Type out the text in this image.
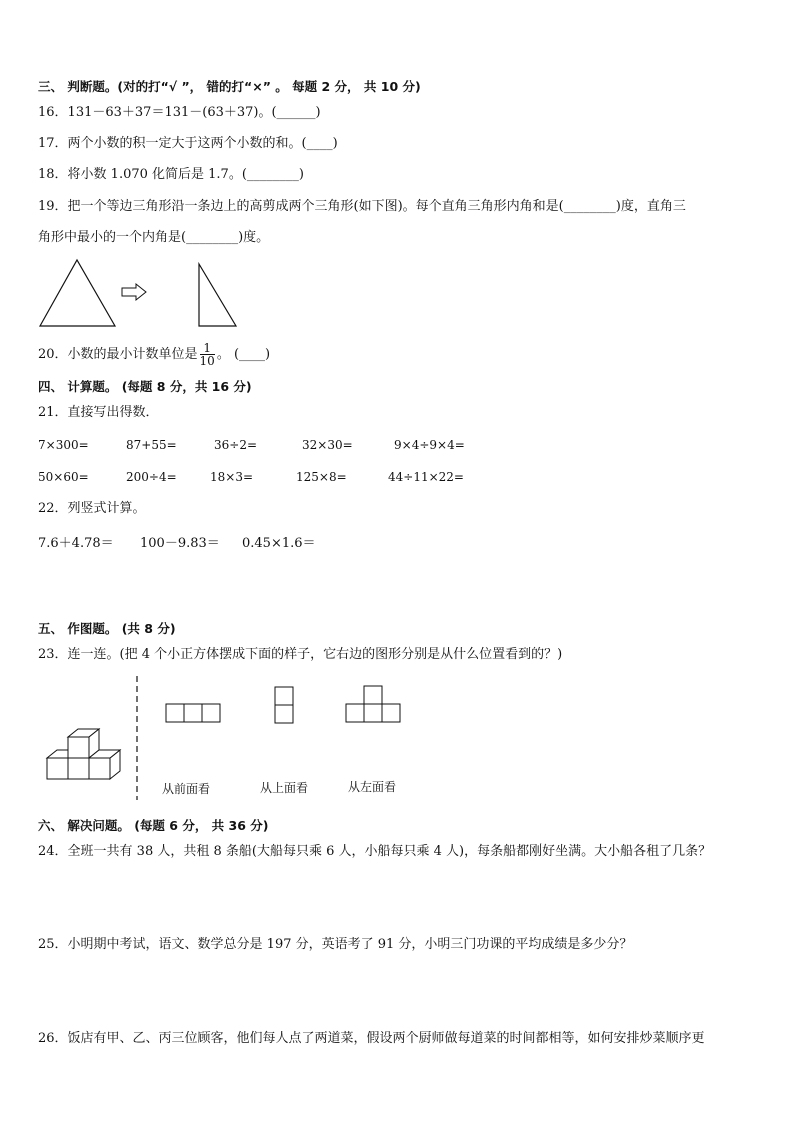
三、 判断题。(对的打“√ ”， 错的打“×” 。 每题 2 分， 共 10 分)
16．131－63＋37＝131－(63＋37)。(______)
17．两个小数的积一定大于这两个小数的和。(____)
18．将小数 1.070 化简后是 1.7。(________)
19．把一个等边三角形沿一条边上的高剪成两个三角形(如下图)。每个直角三角形内角和是(________)度，直角三
角形中最小的一个内角是(________)度。
20．小数的最小计数单位是 $\frac{1}{10}$ 。 (____)
四、 计算题。 (每题 8 分，共 16 分)
21．直接写出得数．
7×300=	87+55=	36÷2=	32×30=	9×4÷9×4=
50×60=	200÷4=	18×3=	125×8=	44÷11×22=
22．列竖式计算。
7.6＋4.78＝ 100－9.83＝ 0.45×1.6＝
五、 作图题。 (共 8 分)
23．连一连。(把 4 个小正方体摆成下面的样子，它右边的图形分别是从什么位置看到的？)
从前面看	从上面看	从左面看
六、 解决问题。 (每题 6 分， 共 36 分)
24．全班一共有 38 人，共租 8 条船(大船每只乘 6 人，小船每只乘 4 人)，每条船都刚好坐满。大小船各租了几条？
25．小明期中考试，语文、数学总分是 197 分，英语考了 91 分，小明三门功课的平均成绩是多少分？
26．饭店有甲、乙、丙三位顾客，他们每人点了两道菜，假设两个厨师做每道菜的时间都相等，如何安排炒菜顺序更
